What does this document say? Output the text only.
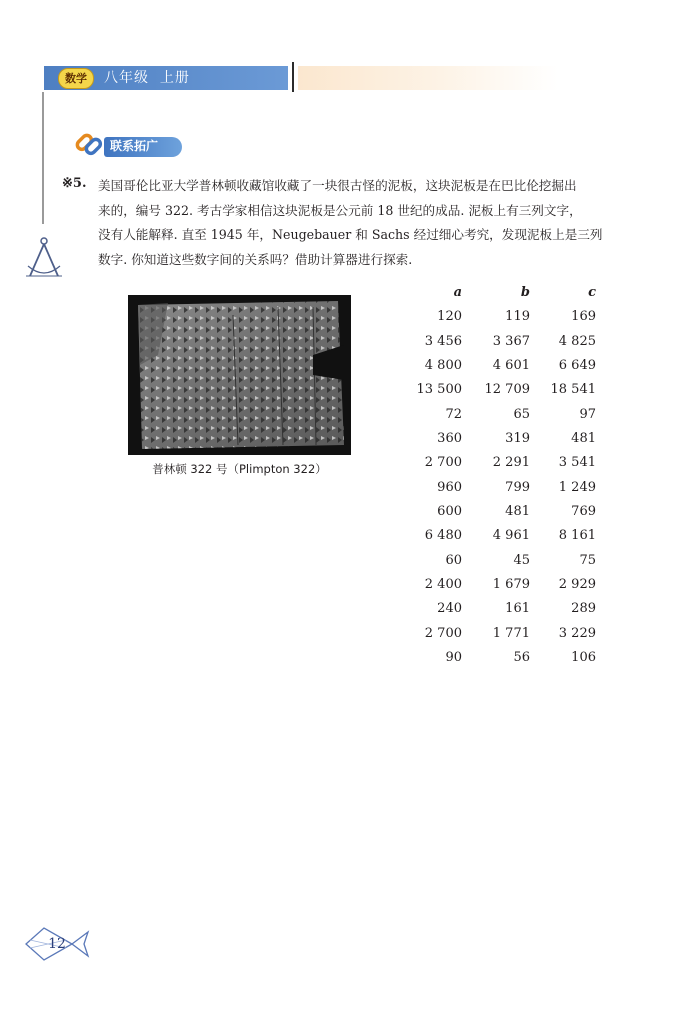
数学	八年级  上册
联系拓广
※5. 美国哥伦比亚大学普林顿收藏馆收藏了一块很古怪的泥板，这块泥板是在巴比伦挖掘出
来的，编号 322. 考古学家相信这块泥板是公元前 18 世纪的成品. 泥板上有三列文字，
没有人能解释. 直至 1945 年，Neugebauer 和 Sachs 经过细心考究，发现泥板上是三列
数字. 你知道这些数字间的关系吗？借助计算器进行探索.
普林顿 322 号（Plimpton 322）
a	b	c
120	119	169
3 456	3 367	4 825
4 800	4 601	6 649
13 500	12 709	18 541
72	65	97
360	319	481
2 700	2 291	3 541
960	799	1 249
600	481	769
6 480	4 961	8 161
60	45	75
2 400	1 679	2 929
240	161	289
2 700	1 771	3 229
90	56	106
12
